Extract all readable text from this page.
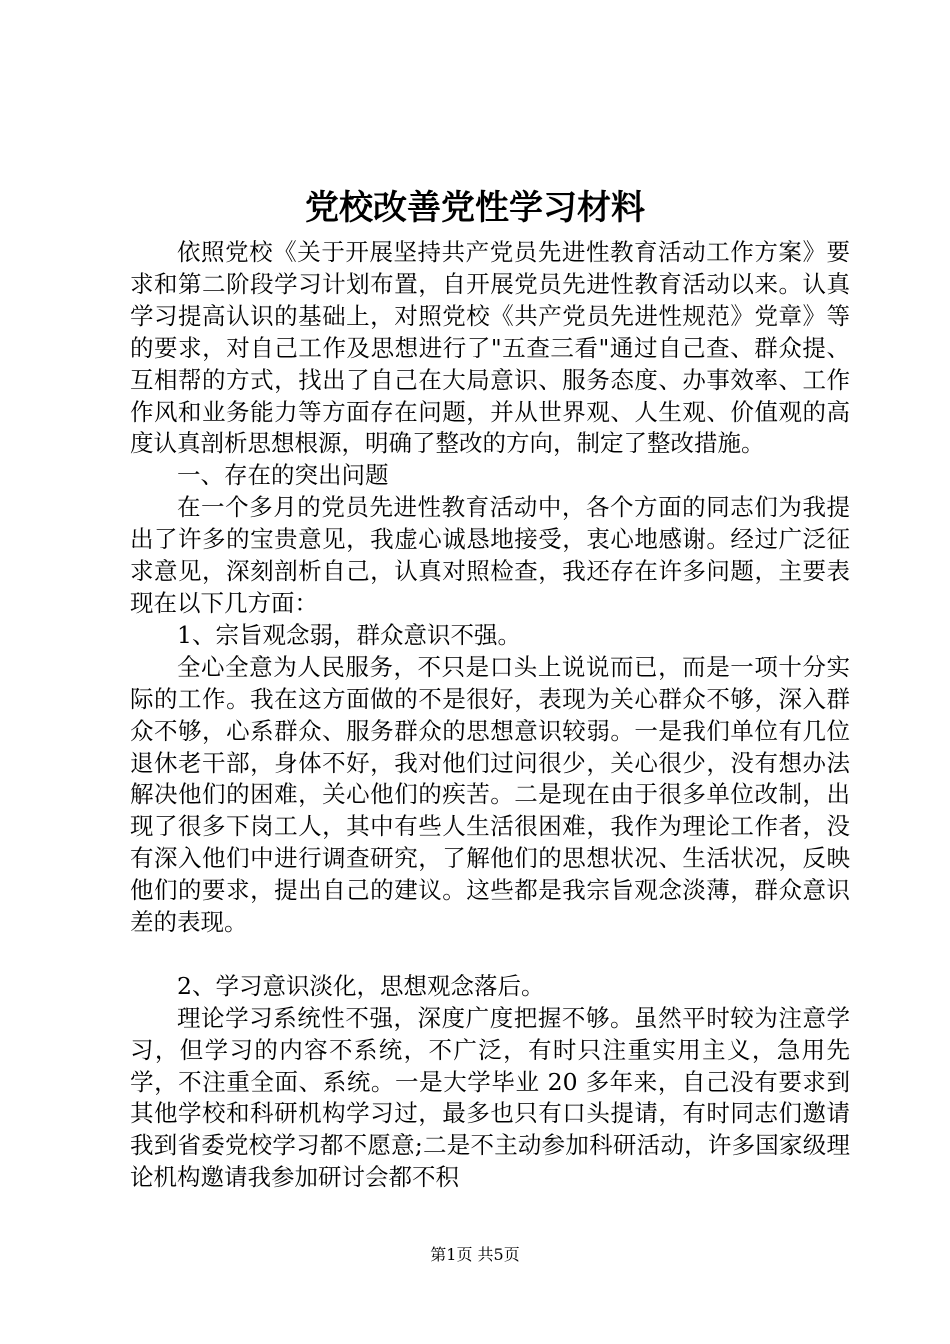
党校改善党性学习材料

依照党校《关于开展坚持共产党员先进性教育活动工作方案》要求和第二阶段学习计划布置，自开展党员先进性教育活动以来。认真学习提高认识的基础上，对照党校《共产党员先进性规范》党章》等的要求，对自己工作及思想进行了"五查三看"通过自己查、群众提、互相帮的方式，找出了自己在大局意识、服务态度、办事效率、工作作风和业务能力等方面存在问题，并从世界观、人生观、价值观的高度认真剖析思想根源，明确了整改的方向，制定了整改措施。

一、存在的突出问题

在一个多月的党员先进性教育活动中，各个方面的同志们为我提出了许多的宝贵意见，我虚心诚恳地接受，衷心地感谢。经过广泛征求意见，深刻剖析自己，认真对照检查，我还存在许多问题，主要表现在以下几方面：

1、宗旨观念弱，群众意识不强。

全心全意为人民服务，不只是口头上说说而已，而是一项十分实际的工作。我在这方面做的不是很好，表现为关心群众不够，深入群众不够，心系群众、服务群众的思想意识较弱。一是我们单位有几位退休老干部，身体不好，我对他们过问很少，关心很少，没有想办法解决他们的困难，关心他们的疾苦。二是现在由于很多单位改制，出现了很多下岗工人，其中有些人生活很困难，我作为理论工作者，没有深入他们中进行调查研究，了解他们的思想状况、生活状况，反映他们的要求，提出自己的建议。这些都是我宗旨观念淡薄，群众意识差的表现。

2、学习意识淡化，思想观念落后。

理论学习系统性不强，深度广度把握不够。虽然平时较为注意学习，但学习的内容不系统，不广泛，有时只注重实用主义，急用先学，不注重全面、系统。一是大学毕业 20 多年来，自己没有要求到其他学校和科研机构学习过，最多也只有口头提请，有时同志们邀请我到省委党校学习都不愿意;二是不主动参加科研活动，许多国家级理论机构邀请我参加研讨会都不积

第1页 共5页
